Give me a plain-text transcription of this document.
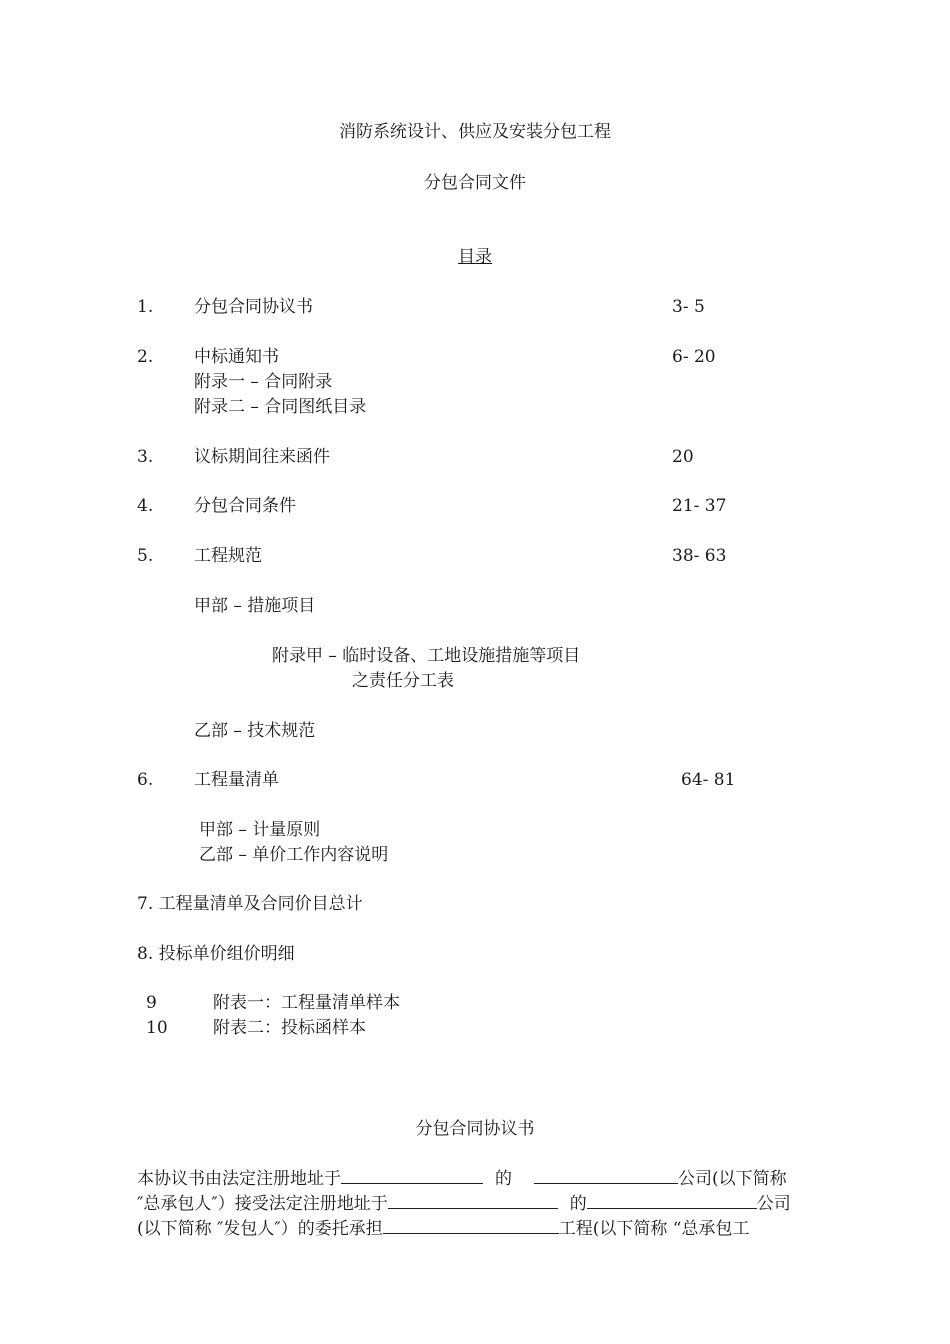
消防系统设计、供应及安装分包工程
分包合同文件
目录
1. 分包合同协议书	3- 5
2. 中标通知书	6- 20
附录一 – 合同附录
附录二 – 合同图纸目录
3. 议标期间往来函件	20
4. 分包合同条件	21- 37
5. 工程规范	38- 63
甲部 – 措施项目
附录甲 – 临时设备、工地设施措施等项目
之责任分工表
乙部 – 技术规范
6. 工程量清单	64- 81
甲部 – 计量原则
乙部 – 单价工作内容说明
7. 工程量清单及合同价目总计
8. 投标单价组价明细
9	附表一：工程量清单样本
10	附表二：投标函样本
分包合同协议书
本协议书由法定注册地址于	的	公司(以下简称
″总承包人″）接受法定注册地址于	的	公司
(以下简称 ″发包人″）的委托承担	工程(以下简称 “总承包工
